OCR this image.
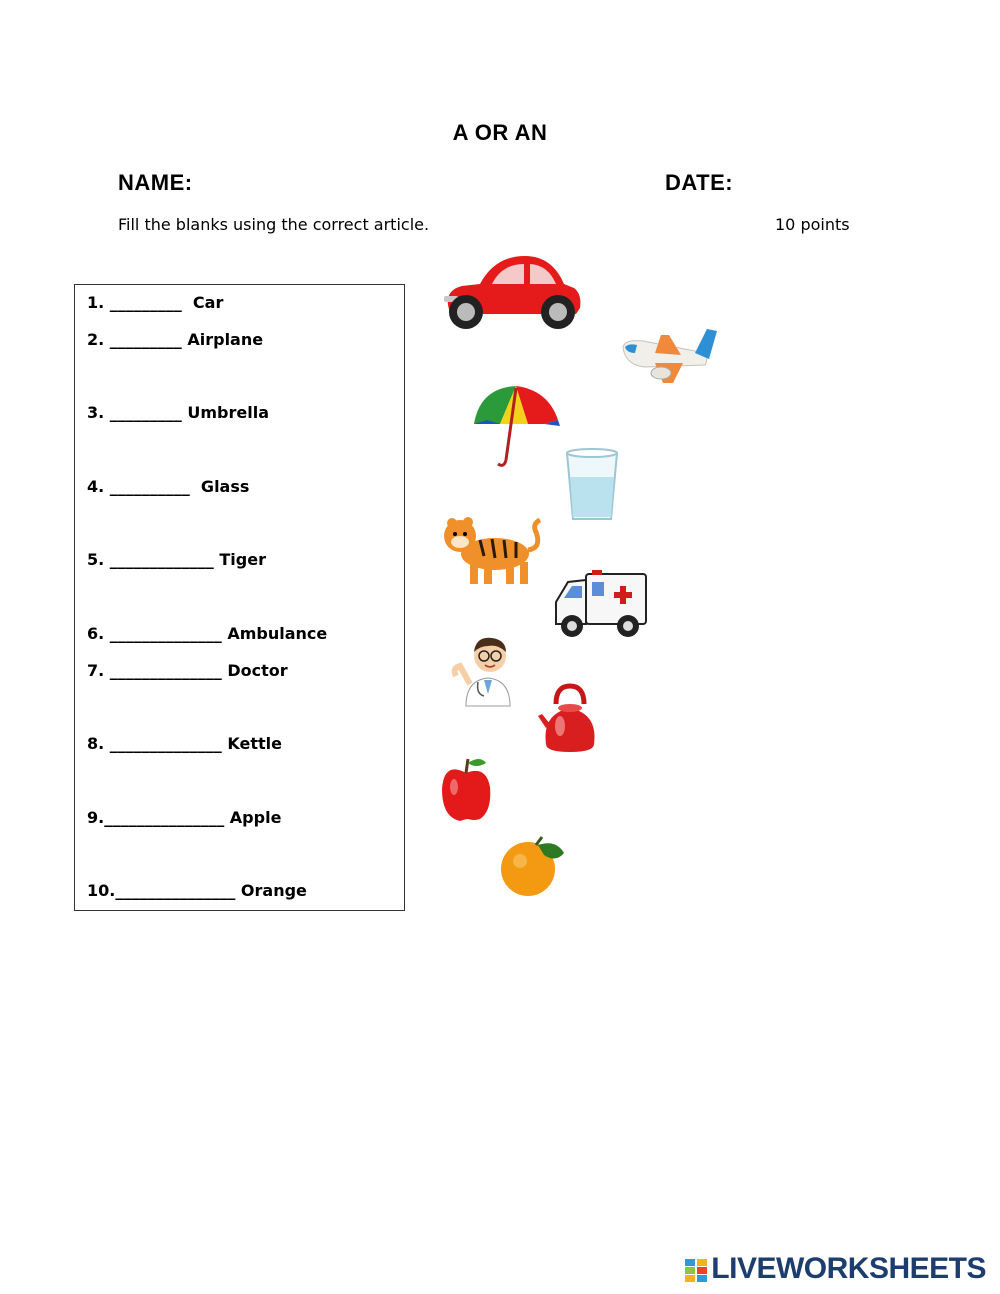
A OR AN
NAME:	DATE:
Fill the blanks using the correct article.	10 points
1. _________  Car
2. _________ Airplane
3. _________ Umbrella
4. __________  Glass
5. _____________ Tiger
6. ______________ Ambulance
7. ______________ Doctor
8. ______________ Kettle
9._______________ Apple
10._______________ Orange
LIVEWORKSHEETS
